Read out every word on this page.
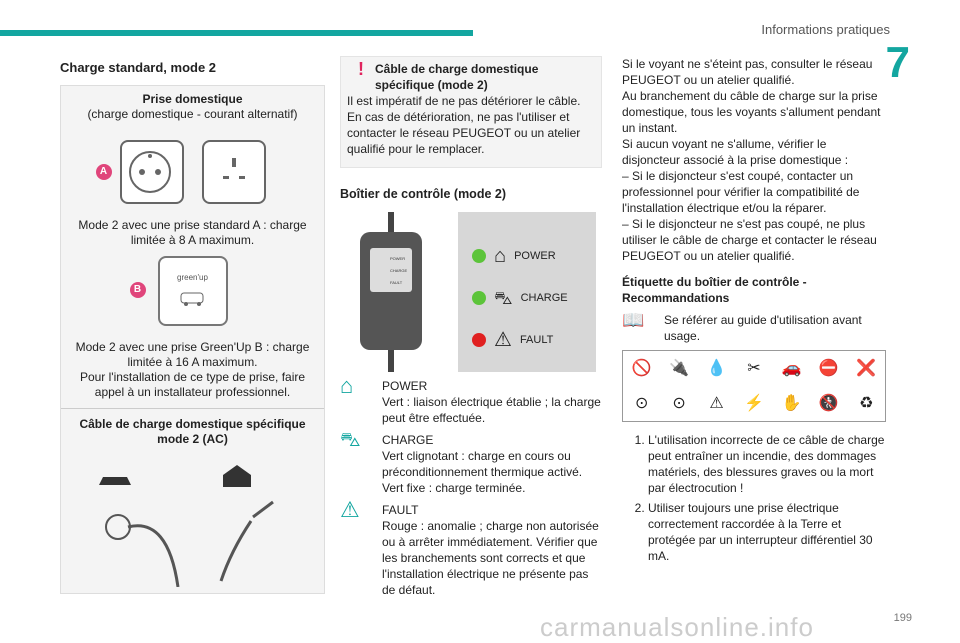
Informations pratiques
7
199
carmanualsonline.info
Charge standard, mode 2
Prise domestique
(charge domestique - courant alternatif)
A
Mode 2 avec une prise standard A : charge limitée à 8 A maximum.
B
green'up
Mode 2 avec une prise Green'Up B : charge limitée à 16 A maximum.
Pour l'installation de ce type de prise, faire appel à un installateur professionnel.
Câble de charge domestique spécifique mode 2 (AC)
! Câble de charge domestique spécifique (mode 2)
Il est impératif de ne pas détériorer le câble. En cas de détérioration, ne pas l'utiliser et contacter le réseau PEUGEOT ou un atelier qualifié pour le remplacer.
Boîtier de contrôle (mode 2)
POWER
CHARGE
FAULT
⌂ POWER
⛍ CHARGE
⚠ FAULT
⌂	POWER
Vert : liaison électrique établie ; la charge peut être effectuée.
⛍	CHARGE
Vert clignotant : charge en cours ou préconditionnement thermique activé. Vert fixe : charge terminée.
⚠	FAULT
Rouge : anomalie ; charge non autorisée ou à arrêter immédiatement. Vérifier que les branchements sont corrects et que l'installation électrique ne présente pas de défaut.
Si le voyant ne s'éteint pas, consulter le réseau PEUGEOT ou un atelier qualifié.
Au branchement du câble de charge sur la prise domestique, tous les voyants s'allument pendant un instant.
Si aucun voyant ne s'allume, vérifier le disjoncteur associé à la prise domestique :
– Si le disjoncteur s'est coupé, contacter un professionnel pour vérifier la compatibilité de l'installation électrique et/ou la réparer.
– Si le disjoncteur ne s'est pas coupé, ne plus utiliser le câble de charge et contacter le réseau PEUGEOT ou un atelier qualifié.
Étiquette du boîtier de contrôle - Recommandations
📖	Se référer au guide d'utilisation avant usage.
🚫 🔌 💧 ✂ 🚗 ⛔ ❌
⊙ ⊙ ⚠ ⚡ ✋ 🚷 ♻
1. L'utilisation incorrecte de ce câble de charge peut entraîner un incendie, des dommages matériels, des blessures graves ou la mort par électrocution !
2. Utiliser toujours une prise électrique correctement raccordée à la Terre et protégée par un interrupteur différentiel 30 mA.
